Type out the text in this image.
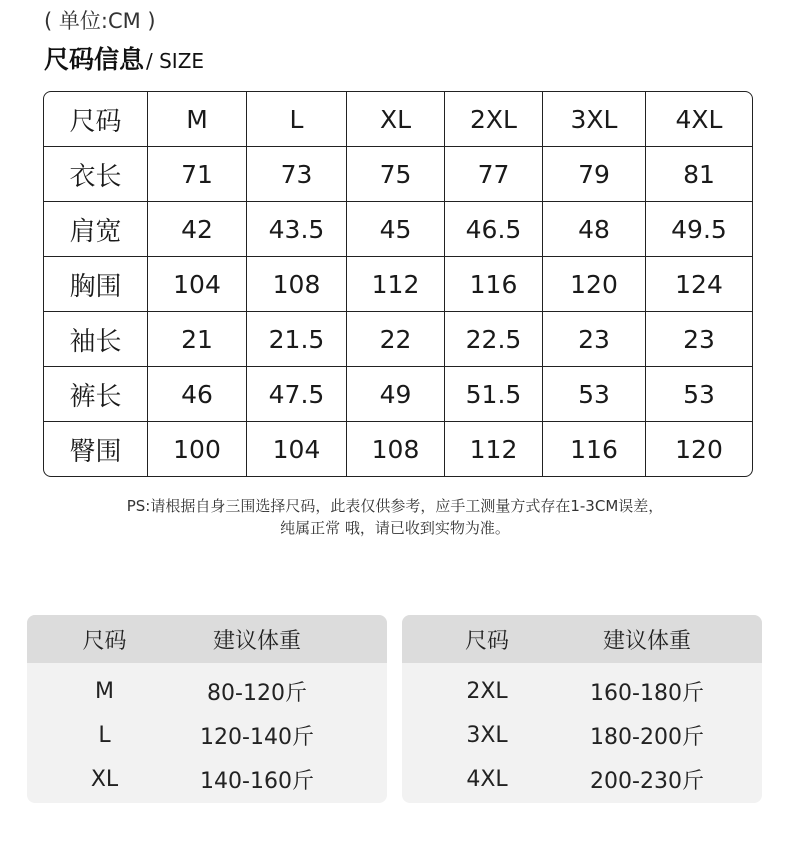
( 单位:CM )
尺码信息 / SIZE
尺码	M	L	XL	2XL	3XL	4XL
衣长	71	73	75	77	79	81
肩宽	42	43.5	45	46.5	48	49.5
胸围	104	108	112	116	120	124
袖长	21	21.5	22	22.5	23	23
裤长	46	47.5	49	51.5	53	53
臀围	100	104	108	112	116	120
PS:请根据自身三围选择尺码，此表仅供参考，应手工测量方式存在1-3CM误差，
纯属正常 哦，请已收到实物为准。
尺码	建议体重
M	80-120斤
L	120-140斤
XL	140-160斤
尺码	建议体重
2XL	160-180斤
3XL	180-200斤
4XL	200-230斤
